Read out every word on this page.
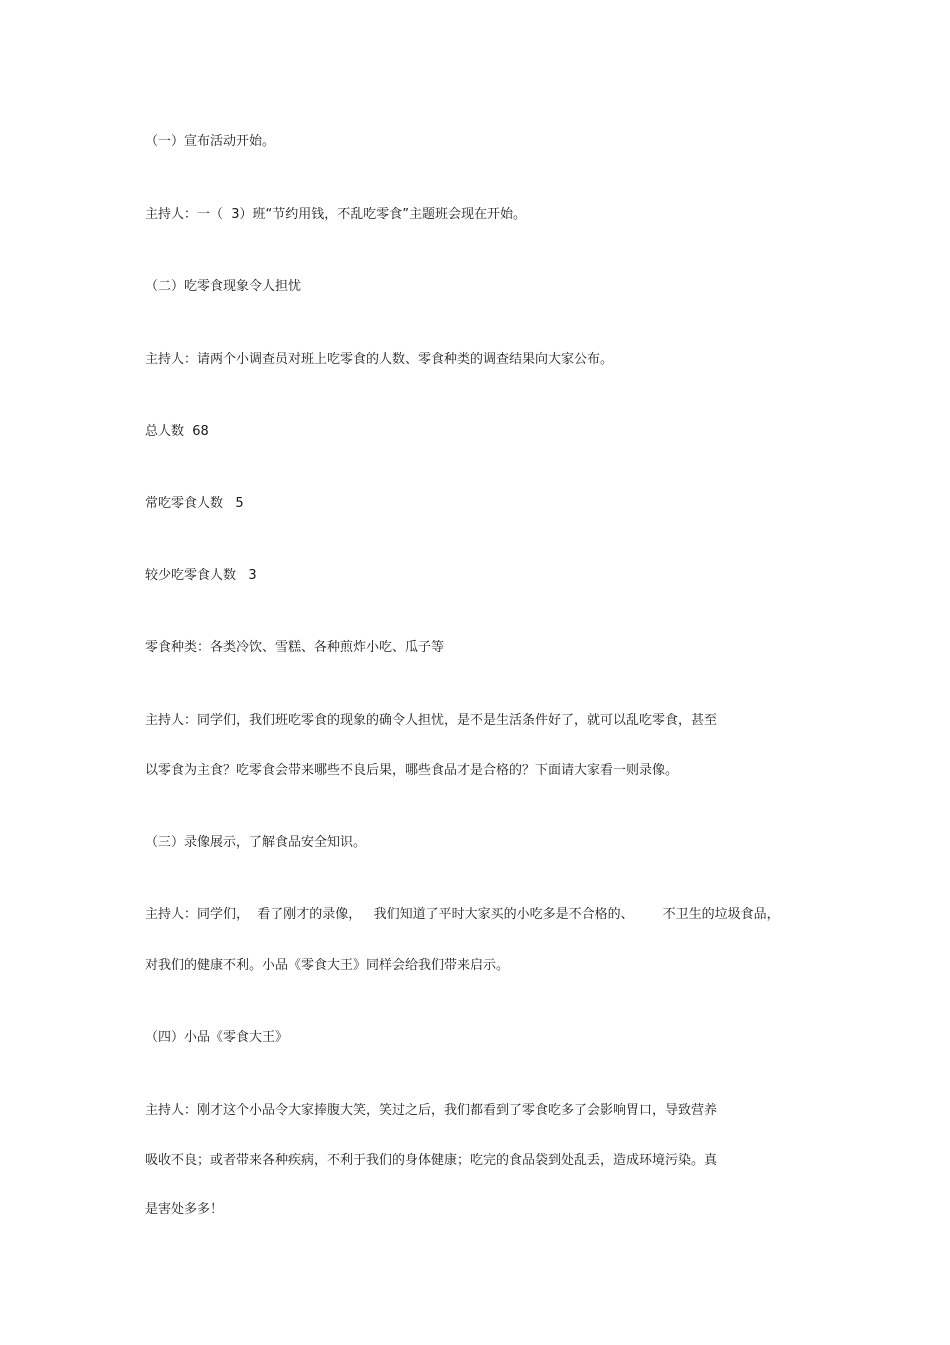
（一）宣布活动开始。
主持人：一（  3）班“节约用钱，不乱吃零食”主题班会现在开始。
（二）吃零食现象令人担忧
主持人：请两个小调查员对班上吃零食的人数、零食种类的调查结果向大家公布。
总人数  68
常吃零食人数   5
较少吃零食人数   3
零食种类：各类冷饮、雪糕、各种煎炸小吃、瓜子等
主持人：同学们，我们班吃零食的现象的确令人担忧，是不是生活条件好了，就可以乱吃零食，甚至
以零食为主食？吃零食会带来哪些不良后果，哪些食品才是合格的？下面请大家看一则录像。
（三）录像展示，了解食品安全知识。
主持人：同学们，  看了刚才的录像，   我们知道了平时大家买的小吃多是不合格的、       不卫生的垃圾食品，
对我们的健康不利。小品《零食大王》同样会给我们带来启示。
（四）小品《零食大王》
主持人：刚才这个小品令大家捧腹大笑，笑过之后，我们都看到了零食吃多了会影响胃口，导致营养
吸收不良；或者带来各种疾病，不利于我们的身体健康；吃完的食品袋到处乱丢，造成环境污染。真
是害处多多！
